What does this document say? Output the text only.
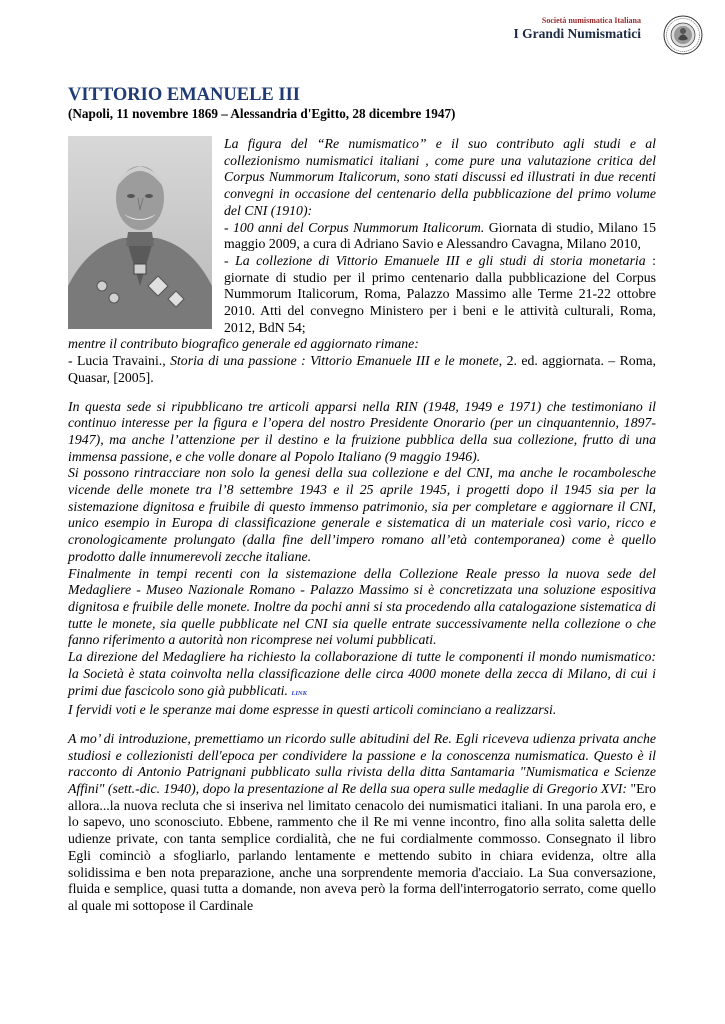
Società numismatica Italiana
I Grandi Numismatici
VITTORIO EMANUELE III
(Napoli, 11 novembre 1869 – Alessandria d'Egitto, 28 dicembre 1947)

La figura del “Re numismatico” e il suo contributo agli studi e al collezionismo numismatici italiani , come pure una valutazione critica del Corpus Nummorum Italicorum, sono stati discussi ed illustrati in due recenti convegni in occasione del centenario della pubblicazione del primo volume del CNI (1910):
- 100 anni del Corpus Nummorum Italicorum. Giornata di studio, Milano 15 maggio 2009, a cura di Adriano Savio e Alessandro Cavagna, Milano 2010,
- La collezione di Vittorio Emanuele III e gli studi di storia monetaria : giornate di studio per il primo centenario dalla pubblicazione del Corpus Nummorum Italicorum, Roma, Palazzo Massimo alle Terme 21-22 ottobre 2010. Atti del convegno Ministero per i beni e le attività culturali, Roma, 2012, BdN 54;
mentre il contributo biografico generale ed aggiornato rimane:
- Lucia Travaini., Storia di una passione : Vittorio Emanuele III e le monete, 2. ed. aggiornata. – Roma, Quasar, [2005].

In questa sede si ripubblicano tre articoli apparsi nella RIN (1948, 1949 e 1971) che testimoniano il continuo interesse per la figura e l’opera del nostro Presidente Onorario (per un cinquantennio, 1897-1947), ma anche l’attenzione per il destino e la fruizione pubblica della sua collezione, frutto di una immensa passione, e che volle donare al Popolo Italiano (9 maggio 1946).

Si possono rintracciare non solo la genesi della sua collezione e del CNI, ma anche le rocambolesche vicende delle monete tra l’8 settembre 1943 e il 25 aprile 1945, i progetti dopo il 1945 sia per la sistemazione dignitosa e fruibile di questo immenso patrimonio, sia per completare e aggiornare il CNI, unico esempio in Europa di classificazione generale e sistematica di un materiale così vario, ricco e cronologicamente prolungato (dalla fine dell’impero romano all’età contemporanea) come è quello prodotto dalle innumerevoli zecche italiane.

Finalmente in tempi recenti con la sistemazione della Collezione Reale presso la nuova sede del Medagliere - Museo Nazionale Romano - Palazzo Massimo si è concretizzata una soluzione espositiva dignitosa e fruibile delle monete. Inoltre da pochi anni si sta procedendo alla catalogazione sistematica di tutte le monete, sia quelle pubblicate nel CNI sia quelle entrate successivamente nella collezione o che fanno riferimento a autorità non ricomprese nei volumi pubblicati.

La direzione del Medagliere ha richiesto la collaborazione di tutte le componenti il mondo numismatico: la Società è stata coinvolta nella classificazione delle circa 4000 monete della zecca di Milano, di cui i primi due fascicolo sono già pubblicati. LINK

I fervidi voti e le speranze mai dome espresse in questi articoli cominciano a realizzarsi.

A mo’ di introduzione, premettiamo un ricordo sulle abitudini del Re. Egli riceveva udienza privata anche studiosi e collezionisti dell'epoca per condividere la passione e la conoscenza numismatica. Questo è il racconto di Antonio Patrignani pubblicato sulla rivista della ditta Santamaria "Numismatica e Scienze Affini" (sett.-dic. 1940), dopo la presentazione al Re della sua opera sulle medaglie di Gregorio XVI: "Ero allora...la nuova recluta che si inseriva nel limitato cenacolo dei numismatici italiani. In una parola ero, e lo sapevo, uno sconosciuto. Ebbene, rammento che il Re mi venne incontro, fino alla solita saletta delle udienze private, con tanta semplice cordialità, che ne fui cordialmente commosso. Consegnato il libro Egli cominciò a sfogliarlo, parlando lentamente e mettendo subito in chiara evidenza, oltre alla solidissima e ben nota preparazione, anche una sorprendente memoria d'acciaio. La Sua conversazione, fluida e semplice, quasi tutta a domande, non aveva però la forma dell'interrogatorio serrato, come quello al quale mi sottopose il Cardinale
